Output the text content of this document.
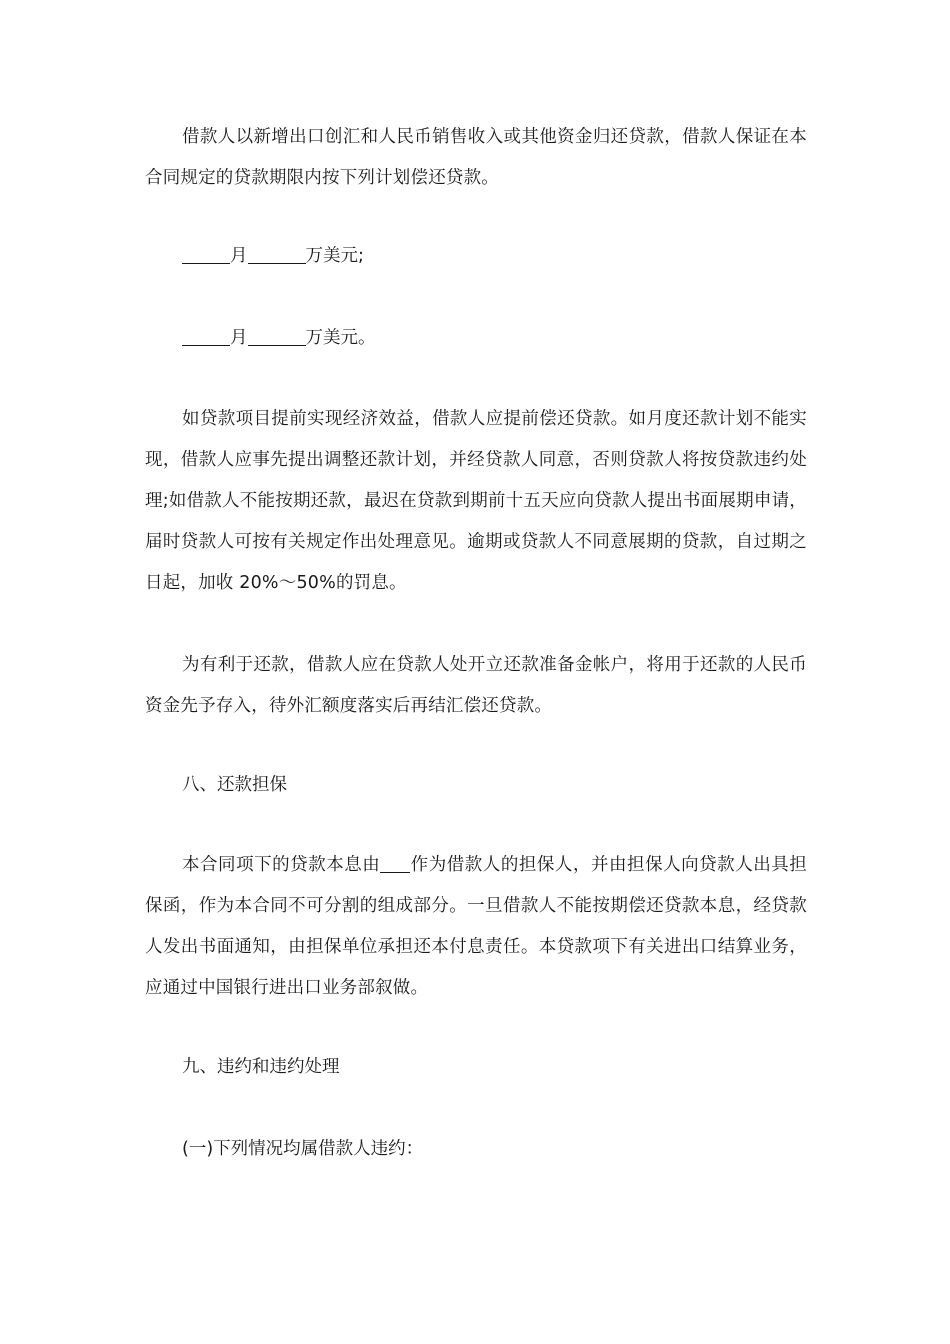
借款人以新增出口创汇和人民币销售收入或其他资金归还贷款，借款人保证在本合同规定的贷款期限内按下列计划偿还贷款。

月	万美元;

月	万美元。

如贷款项目提前实现经济效益，借款人应提前偿还贷款。如月度还款计划不能实现，借款人应事先提出调整还款计划，并经贷款人同意，否则贷款人将按贷款违约处理;如借款人不能按期还款，最迟在贷款到期前十五天应向贷款人提出书面展期申请，届时贷款人可按有关规定作出处理意见。逾期或贷款人不同意展期的贷款，自过期之日起，加收 20%～50%的罚息。

为有利于还款，借款人应在贷款人处开立还款准备金帐户，将用于还款的人民币资金先予存入，待外汇额度落实后再结汇偿还贷款。

八、还款担保

本合同项下的贷款本息由 作为借款人的担保人，并由担保人向贷款人出具担保函，作为本合同不可分割的组成部分。一旦借款人不能按期偿还贷款本息，经贷款人发出书面通知，由担保单位承担还本付息责任。本贷款项下有关进出口结算业务，应通过中国银行进出口业务部叙做。

九、违约和违约处理

(一)下列情况均属借款人违约：
